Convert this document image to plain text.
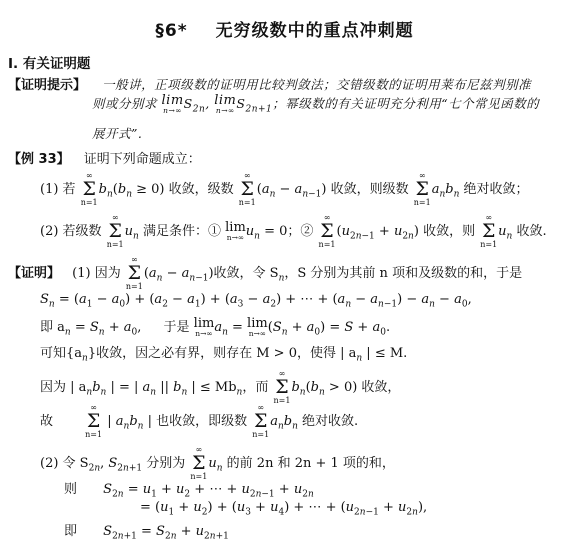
§6* 无穷级数中的重点冲刺题
Ⅰ. 有关证明题
【证明提示】 一般讲，正项级数的证明用比较判敛法；交错级数的证明用莱布尼兹判别准
则或分别求 lim
n→∞ $S_{2n}$, lim
n→∞ $S_{2n+1}$；幂级数的有关证明充分利用“七个常见函数的
展开式”.
【例 33】 证明下列命题成立：
(1) 若
∞
Σ
n=1
$b_n(b_n \ge 0)$ 收敛，级数
∞
Σ
n=1
$(a_n - a_{n-1})$ 收敛，则级数
∞
Σ
n=1
$a_nb_n$ 绝对收敛；
(2) 若级数
∞
Σ
n=1
$u_n$ 满足条件：① lim
n→∞ $u_n = 0$；②
∞
Σ
n=1
$(u_{2n-1} + u_{2n})$ 收敛，则
∞
Σ
n=1
$u_n$ 收敛.
【证明】 (1) 因为
∞
Σ
n=1
$(a_n - a_{n-1})$收敛，令 $S_n$，S 分别为其前 n 项和及级数的和，于是
$S_n = (a_1 - a_0) + (a_2 - a_1) + (a_3 - a_2)$ + ⋯ + $(a_n - a_{n-1}) - a_n - a_0$,
即 $a_n = S_n + a_0$, 于是 lim
n→∞ $a_n = \lim$
n→∞ $(S_n + a_0) = S + a_0$.
可知$\{a_n\}$收敛，因之必有界，则存在 M > 0，使得 | $a_n$ | ≤ M.
因为 | $a_nb_n$ | = | $a_n$ || $b_n$ | ≤ $Mb_n$，而
∞
Σ
n=1
$b_n(b_n > 0)$ 收敛，
故
∞
Σ
n=1
| $a_nb_n$ | 也收敛，即级数
∞
Σ
n=1
$a_nb_n$ 绝对收敛.
(2) 令 $S_{2n}$, $S_{2n+1}$ 分别为
∞
Σ
n=1
$u_n$ 的前 2n 和 2n + 1 项的和，
则 $S_{2n} = u_1 + u_2$ + ⋯ + $u_{2n-1} + u_{2n}$
= $(u_1 + u_2) + (u_3 + u_4)$ + ⋯ + $(u_{2n-1} + u_{2n})$,
即 $S_{2n+1} = S_{2n} + u_{2n+1}$
